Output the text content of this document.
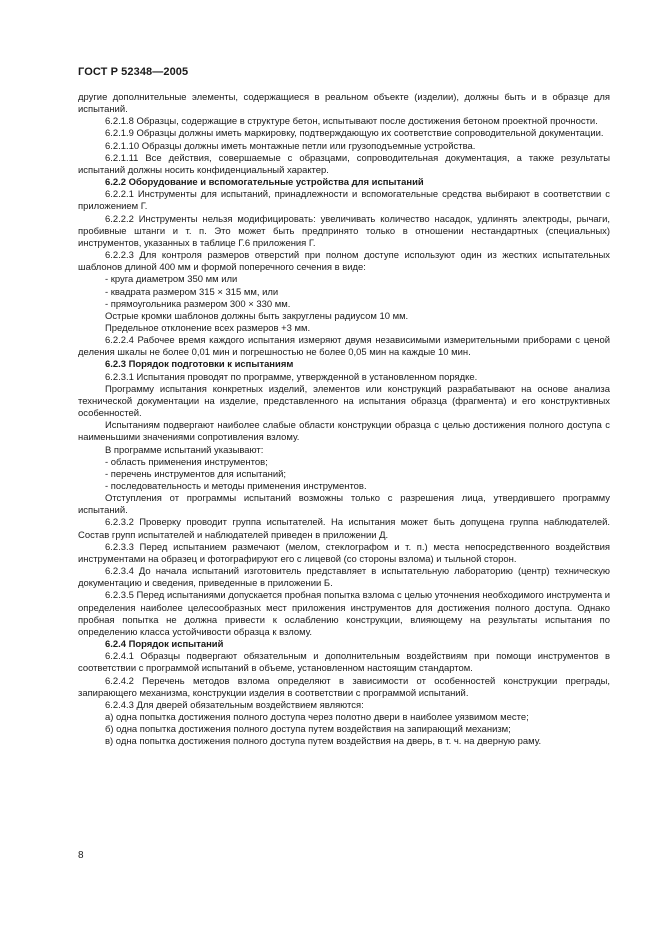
ГОСТ Р 52348—2005

другие дополнительные элементы, содержащиеся в реальном объекте (изделии), должны быть и в образце для испытаний.

6.2.1.8 Образцы, содержащие в структуре бетон, испытывают после достижения бетоном проектной прочности.

6.2.1.9 Образцы должны иметь маркировку, подтверждающую их соответствие сопроводительной документации.

6.2.1.10 Образцы должны иметь монтажные петли или грузоподъемные устройства.

6.2.1.11 Все действия, совершаемые с образцами, сопроводительная документация, а также результаты испытаний должны носить конфиденциальный характер.

6.2.2 Оборудование и вспомогательные устройства для испытаний

6.2.2.1 Инструменты для испытаний, принадлежности и вспомогательные средства выбирают в соответствии с приложением Г.

6.2.2.2 Инструменты нельзя модифицировать: увеличивать количество насадок, удлинять электроды, рычаги, пробивные штанги и т. п. Это может быть предпринято только в отношении нестандартных (специальных) инструментов, указанных в таблице Г.6 приложения Г.

6.2.2.3 Для контроля размеров отверстий при полном доступе используют один из жестких испытательных шаблонов длиной 400 мм и формой поперечного сечения в виде:

- круга диаметром 350 мм или

- квадрата размером 315 × 315 мм, или

- прямоугольника размером 300 × 330 мм.

Острые кромки шаблонов должны быть закруглены радиусом 10 мм.

Предельное отклонение всех размеров +3 мм.

6.2.2.4 Рабочее время каждого испытания измеряют двумя независимыми измерительными приборами с ценой деления шкалы не более 0,01 мин и погрешностью не более 0,05 мин на каждые 10 мин.

6.2.3 Порядок подготовки к испытаниям

6.2.3.1 Испытания проводят по программе, утвержденной в установленном порядке.

Программу испытания конкретных изделий, элементов или конструкций разрабатывают на основе анализа технической документации на изделие, представленного на испытания образца (фрагмента) и его конструктивных особенностей.

Испытаниям подвергают наиболее слабые области конструкции образца с целью достижения полного доступа с наименьшими значениями сопротивления взлому.

В программе испытаний указывают:

- область применения инструментов;

- перечень инструментов для испытаний;

- последовательность и методы применения инструментов.

Отступления от программы испытаний возможны только с разрешения лица, утвердившего программу испытаний.

6.2.3.2 Проверку проводит группа испытателей. На испытания может быть допущена группа наблюдателей. Состав групп испытателей и наблюдателей приведен в приложении Д.

6.2.3.3 Перед испытанием размечают (мелом, стеклографом и т. п.) места непосредственного воздействия инструментами на образец и фотографируют его с лицевой (со стороны взлома) и тыльной сторон.

6.2.3.4 До начала испытаний изготовитель представляет в испытательную лабораторию (центр) техническую документацию и сведения, приведенные в приложении Б.

6.2.3.5 Перед испытаниями допускается пробная попытка взлома с целью уточнения необходимого инструмента и определения наиболее целесообразных мест приложения инструментов для достижения полного доступа. Однако пробная попытка не должна привести к ослаблению конструкции, влияющему на результаты испытания по определению класса устойчивости образца к взлому.

6.2.4 Порядок испытаний

6.2.4.1 Образцы подвергают обязательным и дополнительным воздействиям при помощи инструментов в соответствии с программой испытаний в объеме, установленном настоящим стандартом.

6.2.4.2 Перечень методов взлома определяют в зависимости от особенностей конструкции преграды, запирающего механизма, конструкции изделия в соответствии с программой испытаний.

6.2.4.3 Для дверей обязательным воздействием являются:

а) одна попытка достижения полного доступа через полотно двери в наиболее уязвимом месте;

б) одна попытка достижения полного доступа путем воздействия на запирающий механизм;

в) одна попытка достижения полного доступа путем воздействия на дверь, в т. ч. на дверную раму.

8
